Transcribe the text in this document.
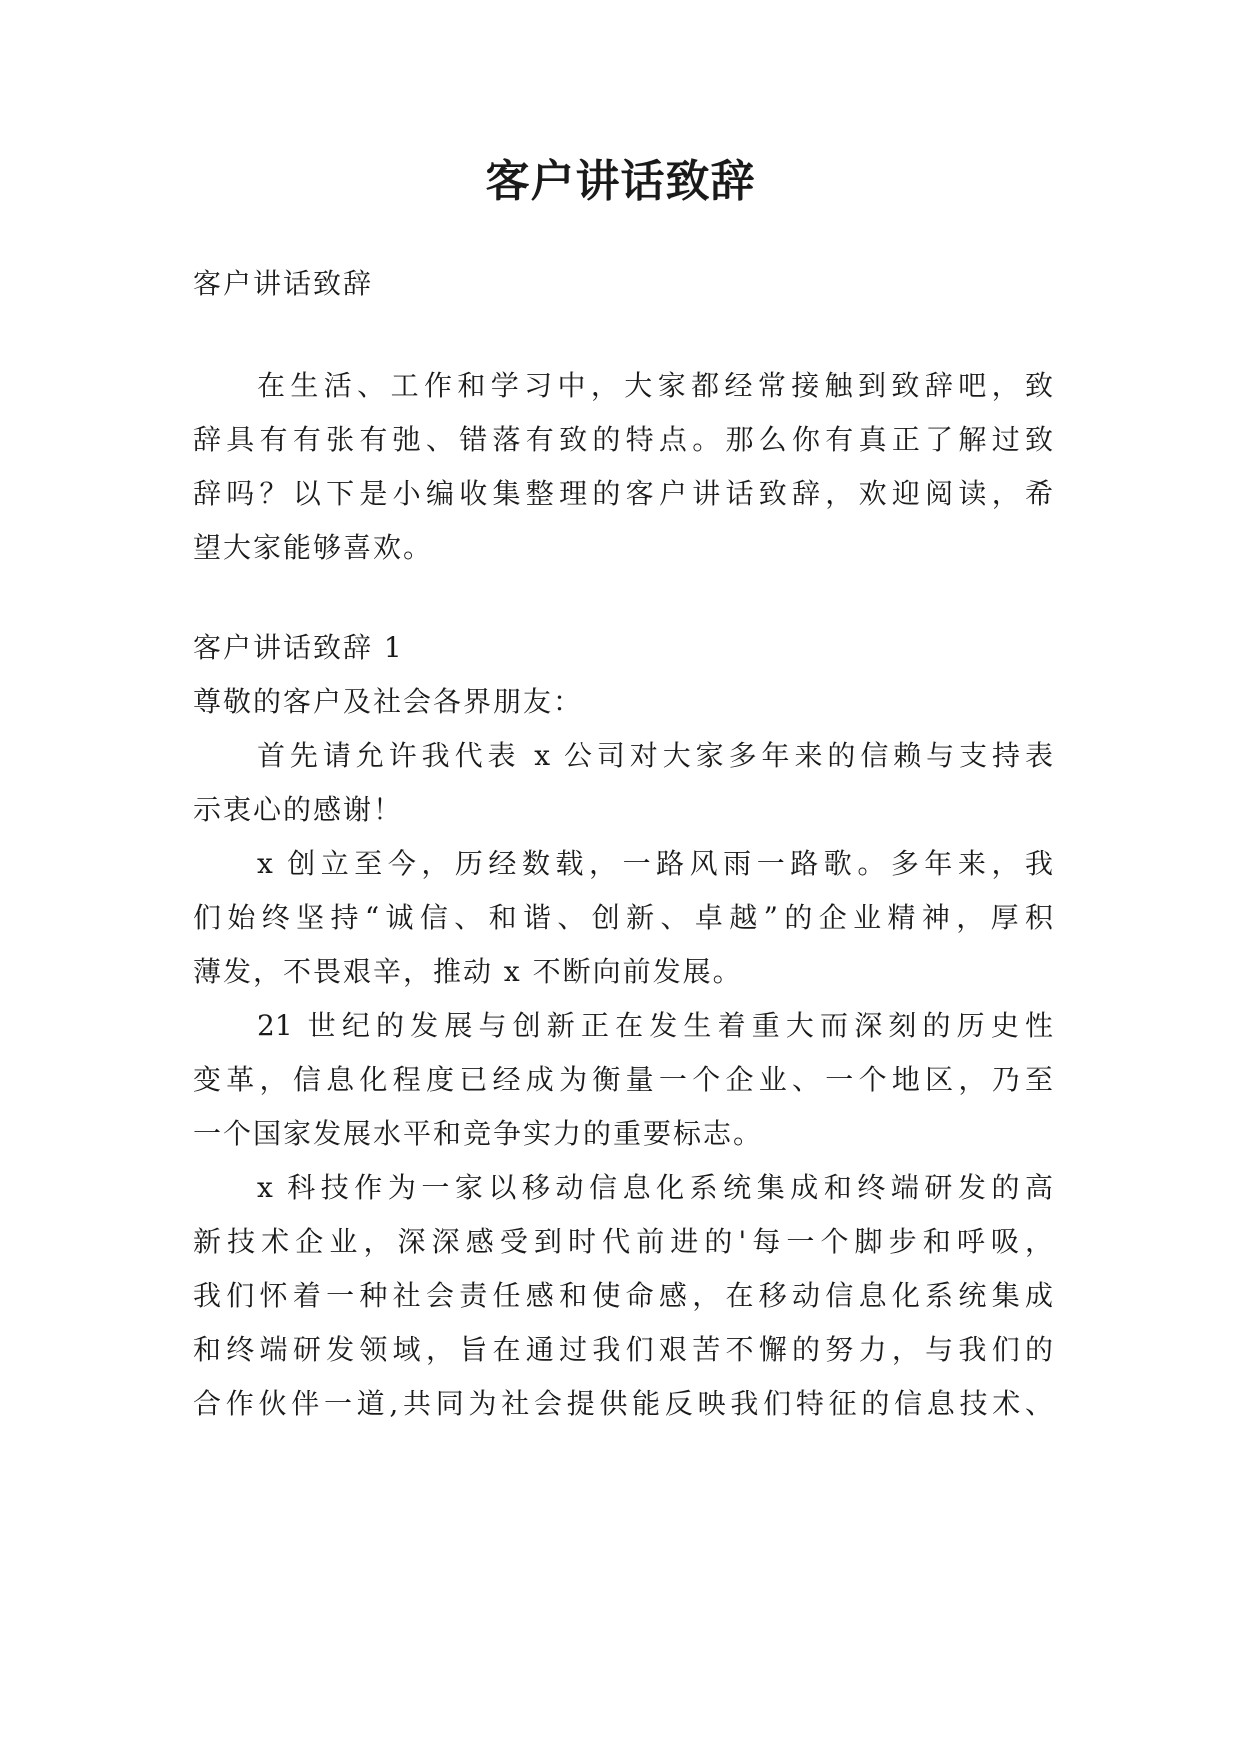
客户讲话致辞
客户讲话致辞
在生活、工作和学习中，大家都经常接触到致辞吧，致
辞具有有张有弛、错落有致的特点。那么你有真正了解过致
辞吗？以下是小编收集整理的客户讲话致辞，欢迎阅读，希
望大家能够喜欢。
客户讲话致辞 1
尊敬的客户及社会各界朋友：
首先请允许我代表 x 公司对大家多年来的信赖与支持表
示衷心的感谢！
x 创立至今，历经数载，一路风雨一路歌。多年来，我
们始终坚持“诚信、和谐、创新、卓越”的企业精神，厚积
薄发，不畏艰辛，推动 x 不断向前发展。
21 世纪的发展与创新正在发生着重大而深刻的历史性
变革，信息化程度已经成为衡量一个企业、一个地区，乃至
一个国家发展水平和竞争实力的重要标志。
x 科技作为一家以移动信息化系统集成和终端研发的高
新技术企业，深深感受到时代前进的'每一个脚步和呼吸，
我们怀着一种社会责任感和使命感，在移动信息化系统集成
和终端研发领域，旨在通过我们艰苦不懈的努力，与我们的
合作伙伴一道,共同为社会提供能反映我们特征的信息技术、
